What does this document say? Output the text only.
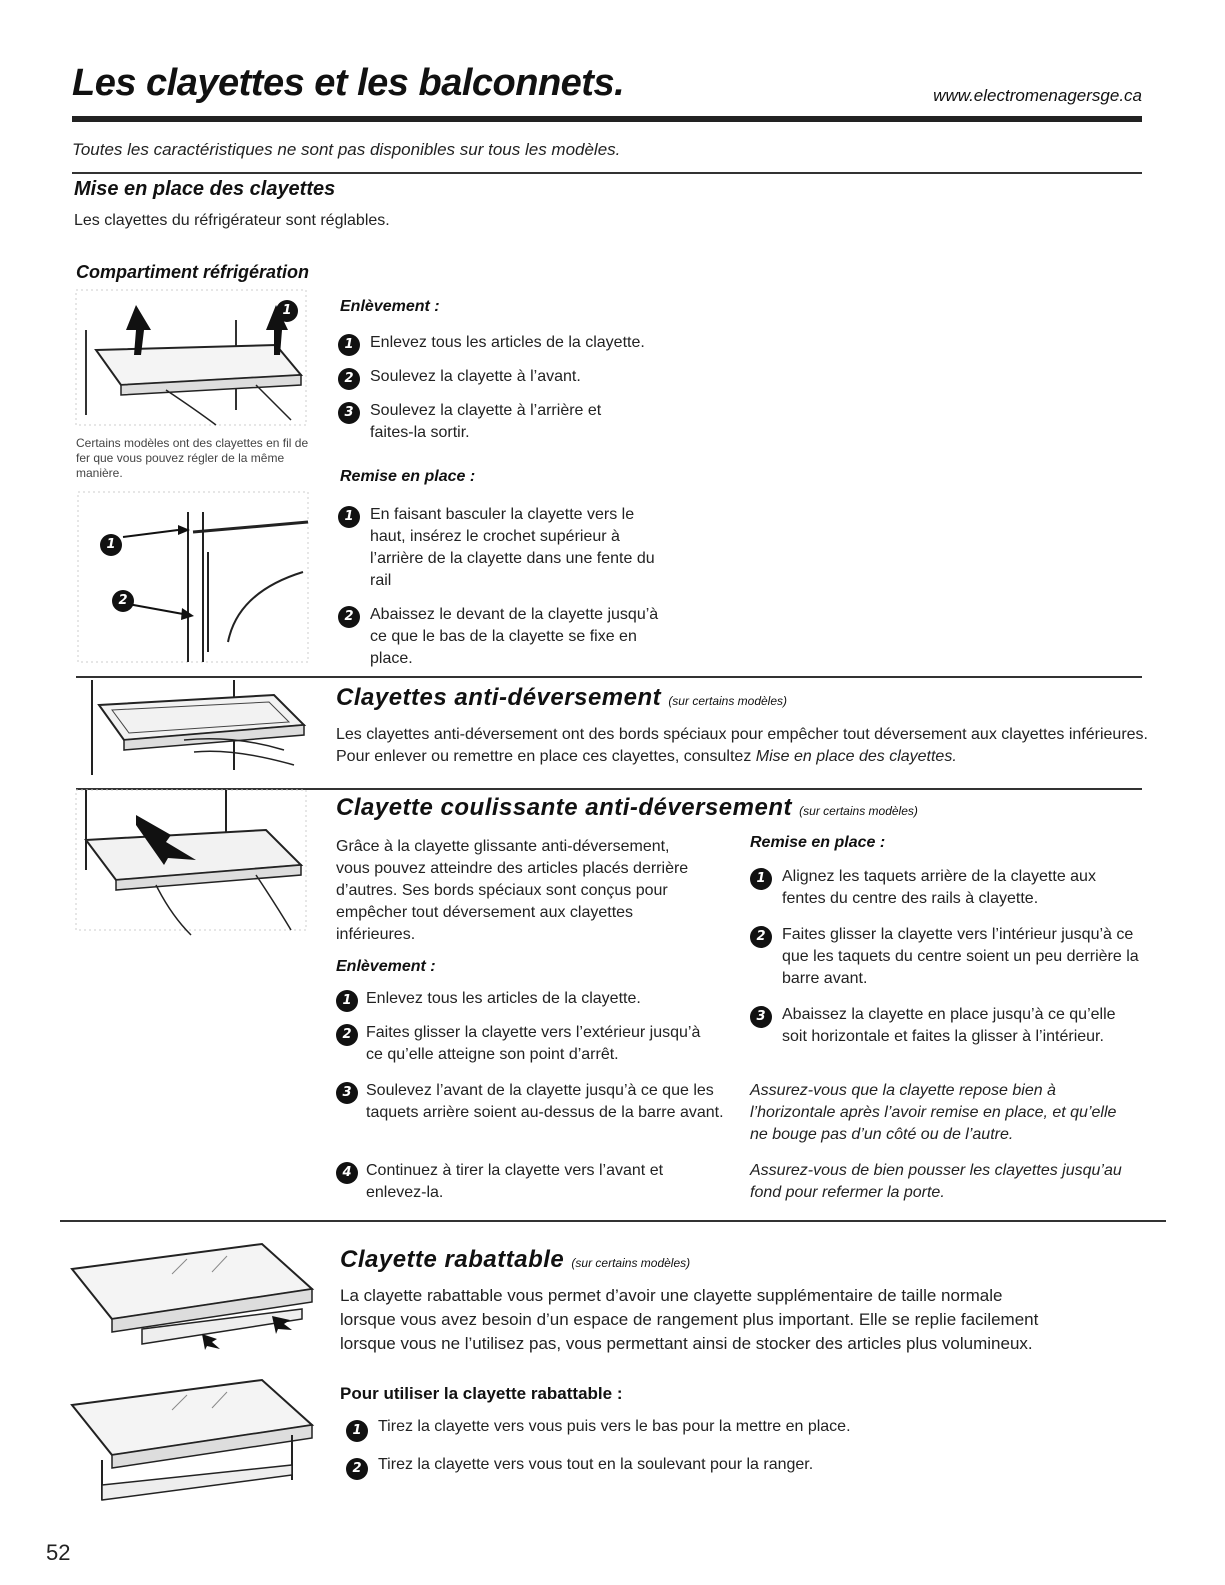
Les clayettes et les balconnets.	www.electromenagersge.ca
Toutes les caractéristiques ne sont pas disponibles sur tous les modèles.
Mise en place des clayettes
Les clayettes du réfrigérateur sont réglables.
Compartiment réfrigération
1
Certains modèles ont des clayettes en fil de fer que vous pouvez régler de la même manière.
1
2
Enlèvement :
1	Enlevez tous les articles de la clayette.
2	Soulevez la clayette à l’avant.
3	Soulevez la clayette à l’arrière et faites-la sortir.
Remise en place :
1	En faisant basculer la clayette vers le haut, insérez le crochet supérieur à l’arrière de la clayette dans une fente du rail
2	Abaissez le devant de la clayette jusqu’à ce que le bas de la clayette se fixe en place.
Clayettes anti-déversement (sur certains modèles)
Les clayettes anti-déversement ont des bords spéciaux pour empêcher tout déversement aux clayettes inférieures. Pour enlever ou remettre en place ces clayettes, consultez Mise en place des clayettes.
Clayette coulissante anti-déversement (sur certains modèles)
Grâce à la clayette glissante anti-déversement, vous pouvez atteindre des articles placés derrière d’autres. Ses bords spéciaux sont conçus pour empêcher tout déversement aux clayettes inférieures.
Enlèvement :
1 Enlevez tous les articles de la clayette.
2 Faites glisser la clayette vers l’extérieur jusqu’à ce qu’elle atteigne son point d’arrêt.
3 Soulevez l’avant de la clayette jusqu’à ce que les taquets arrière soient au-dessus de la barre avant.
4 Continuez à tirer la clayette vers l’avant et enlevez-la.
Remise en place :
1	Alignez les taquets arrière de la clayette aux fentes du centre des rails à clayette.
2	Faites glisser la clayette vers l’intérieur jusqu’à ce que les taquets du centre soient un peu derrière la barre avant.
3	Abaissez la clayette en place jusqu’à ce qu’elle soit horizontale et faites la glisser à l’intérieur.
Assurez-vous que la clayette repose bien à l’horizontale après l’avoir remise en place, et qu’elle ne bouge pas d’un côté ou de l’autre.
Assurez-vous de bien pousser les clayettes jusqu’au fond pour refermer la porte.
Clayette rabattable (sur certains modèles)
La clayette rabattable vous permet d’avoir une clayette supplémentaire de taille normale lorsque vous avez besoin d’un espace de rangement plus important. Elle se replie facilement lorsque vous ne l’utilisez pas, vous permettant ainsi de stocker des articles plus volumineux.
Pour utiliser la clayette rabattable :
1	Tirez la clayette vers vous puis vers le bas pour la mettre en place.
2	Tirez la clayette vers vous tout en la soulevant pour la ranger.
52
